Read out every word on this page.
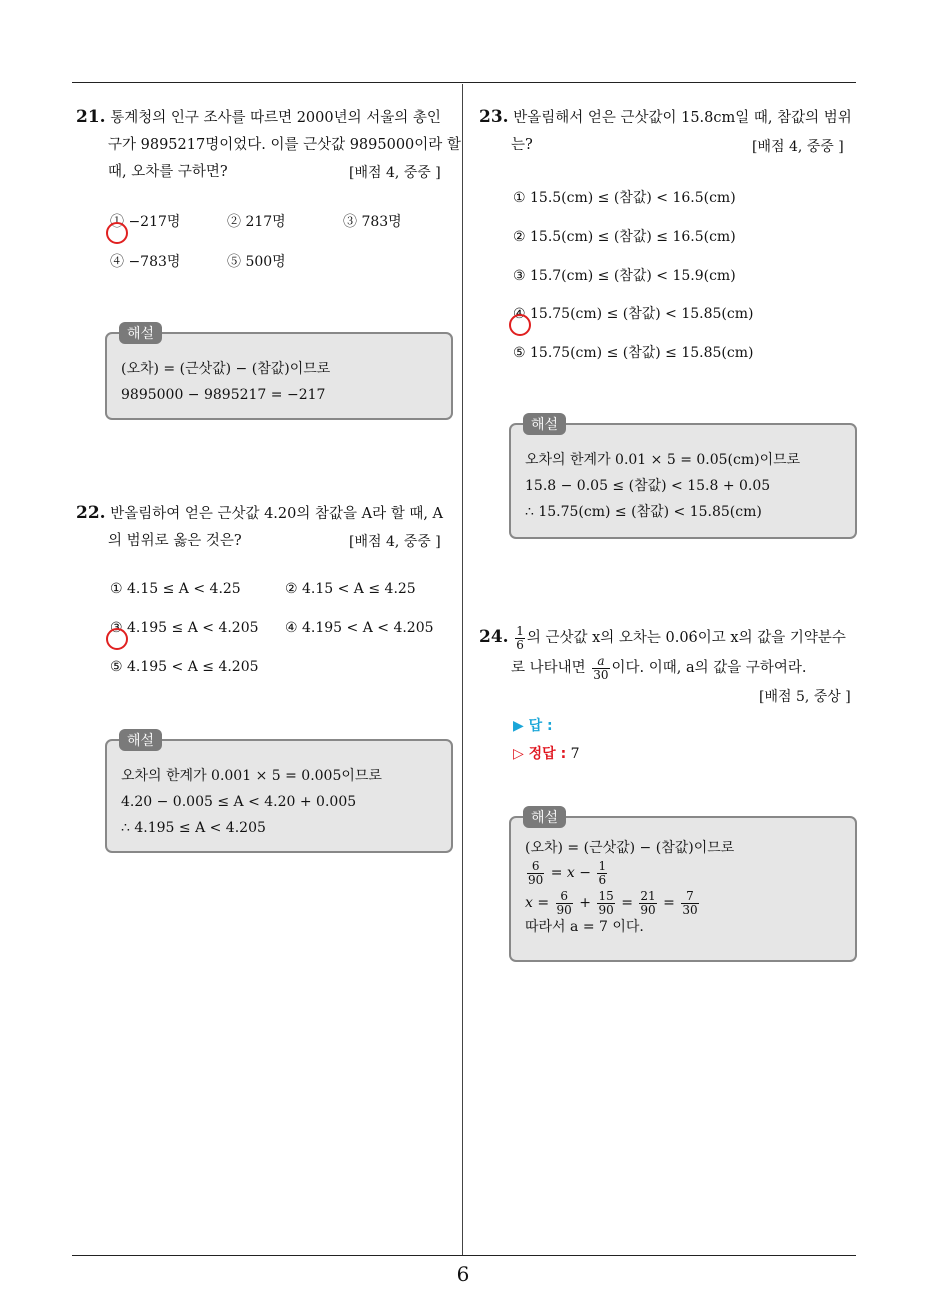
21. 통계청의 인구 조사를 따르면 2000년의 서울의 총인
구가 9895217명이었다. 이를 근삿값 9895000이라 할
때, 오차를 구하면?	[배점 4, 중중 ]
① −217명	② 217명	③ 783명
④ −783명	⑤ 500명
해설
(오차) = (근삿값) − (참값)이므로
9895000 − 9895217 = −217
22. 반올림하여 얻은 근삿값 4.20의 참값을 A라 할 때, A
의 범위로 옳은 것은?	[배점 4, 중중 ]
① 4.15 ≤ A < 4.25	② 4.15 < A ≤ 4.25
③ 4.195 ≤ A < 4.205 ④ 4.195 < A < 4.205
⑤ 4.195 < A ≤ 4.205
해설
오차의 한계가 0.001 × 5 = 0.005이므로
4.20 − 0.005 ≤ A < 4.20 + 0.005
∴ 4.195 ≤ A < 4.205
23. 반올림해서 얻은 근삿값이 15.8cm일 때, 참값의 범위
는?	[배점 4, 중중 ]
① 15.5(cm) ≤ (참값) < 16.5(cm)
② 15.5(cm) ≤ (참값) ≤ 16.5(cm)
③ 15.7(cm) ≤ (참값) < 15.9(cm)
④ 15.75(cm) ≤ (참값) < 15.85(cm)
⑤ 15.75(cm) ≤ (참값) ≤ 15.85(cm)
해설
오차의 한계가 0.01 × 5 = 0.05(cm)이므로
15.8 − 0.05 ≤ (참값) < 15.8 + 0.05
∴ 15.75(cm) ≤ (참값) < 15.85(cm)
24. $\frac{1}{6}$ 의 근삿값 x의 오차는 0.06̇이고 x의 값을 기약분수
로 나타내면 $\frac{a}{30}$ 이다. 이때, a의 값을 구하여라.
[배점 5, 중상 ]
▶ 답 :
▷ 정답 : 7
해설
(오차) = (근삿값) − (참값)이므로
$\frac{6}{90} = x - \frac{1}{6}$
$x = \frac{6}{90} + \frac{15}{90} = \frac{21}{90} = \frac{7}{30}$
따라서 a = 7 이다.
6
